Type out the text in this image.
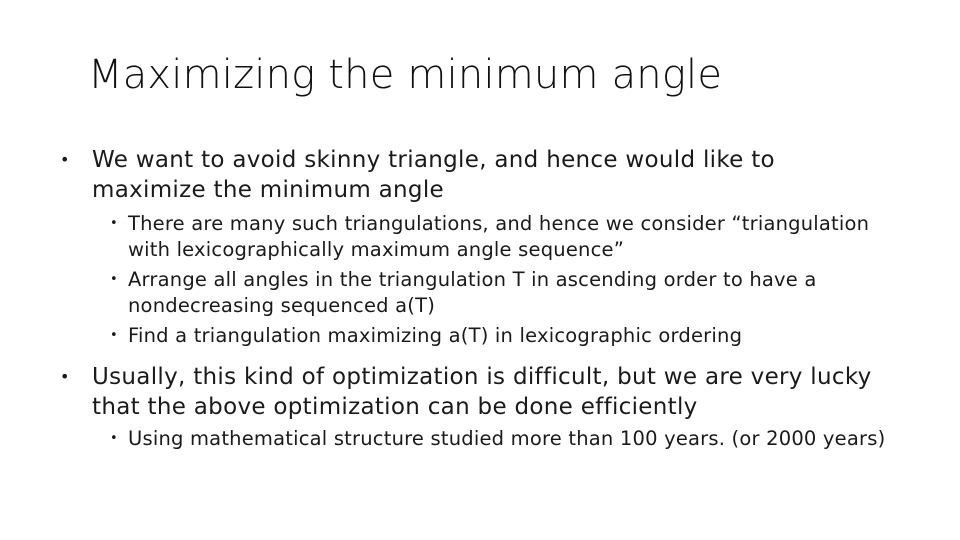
Maximizing the minimum angle
• We want to avoid skinny triangle, and hence would like to maximize the minimum angle
• There are many such triangulations, and hence we consider “triangulation with lexicographically maximum angle sequence”
• Arrange all angles in the triangulation T in ascending order to have a nondecreasing sequenced a(T)
• Find a triangulation maximizing a(T) in lexicographic ordering
• Usually, this kind of optimization is difficult, but we are very lucky that the above optimization can be done efficiently
• Using mathematical structure studied more than 100 years. (or 2000 years)
